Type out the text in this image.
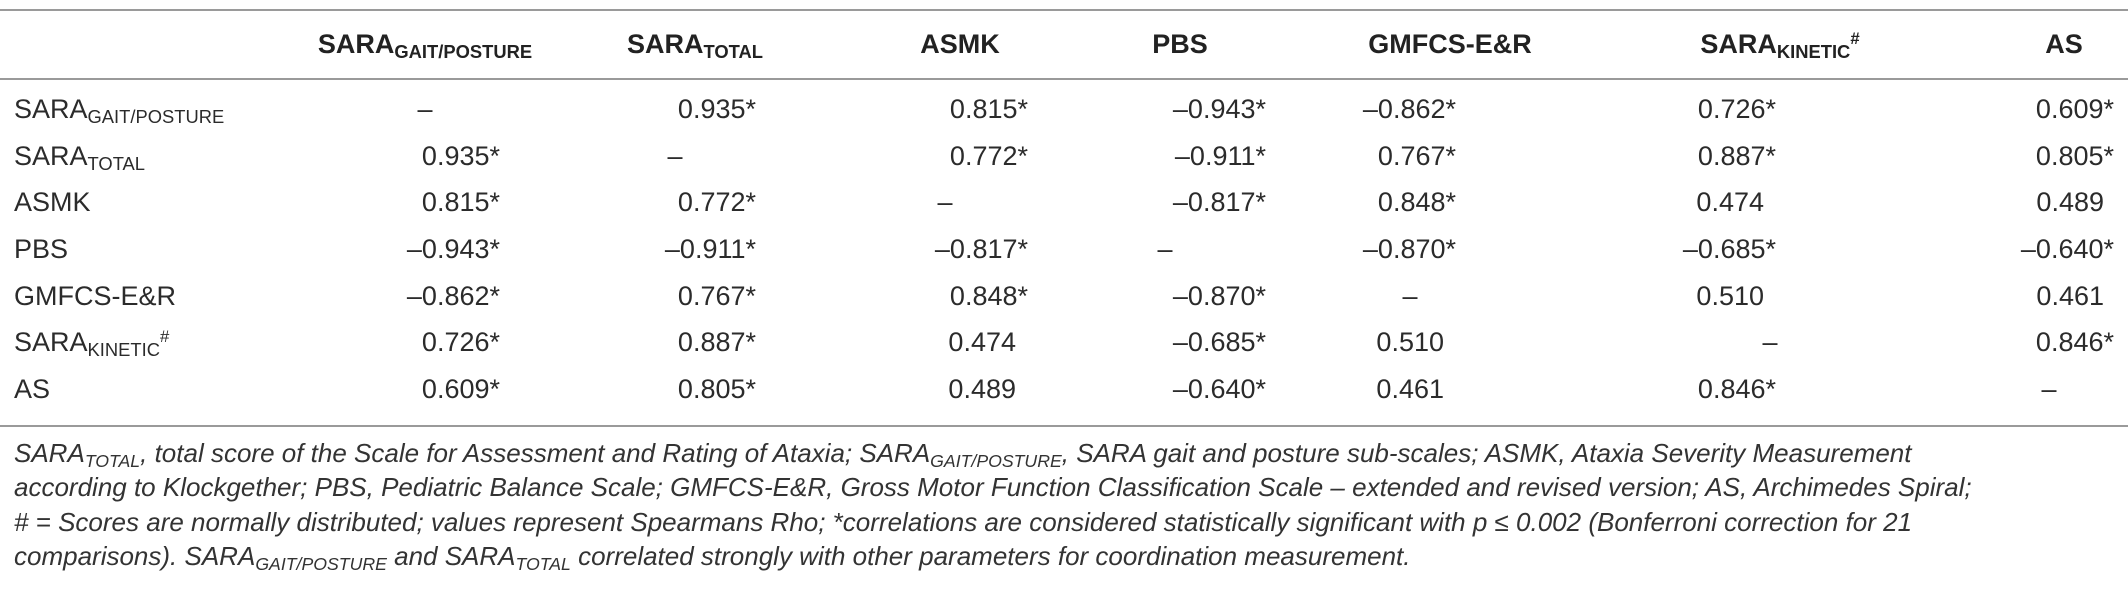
	$SARA_{GAIT/POSTURE}$	$SARA_{TOTAL}$	ASMK	PBS	GMFCS-E&R	$SARA_{KINETIC}^{\#}$	AS
$SARA_{GAIT/POSTURE}$	–	0.935*	0.815*	–0.943*	–0.862*	0.726*	0.609*
$SARA_{TOTAL}$	0.935*	–	0.772*	–0.911*	0.767*	0.887*	0.805*
ASMK	0.815*	0.772*	–	–0.817*	0.848*	0.474	0.489
PBS	–0.943*	–0.911*	–0.817*	–	–0.870*	–0.685*	–0.640*
GMFCS-E&R	–0.862*	0.767*	0.848*	–0.870*	–	0.510	0.461
$SARA_{KINETIC}^{\#}$	0.726*	0.887*	0.474	–0.685*	0.510	–	0.846*
AS	0.609*	0.805*	0.489	–0.640*	0.461	0.846*	–
$SARA_{TOTAL}$, total score of the Scale for Assessment and Rating of Ataxia; $SARA_{GAIT/POSTURE}$, SARA gait and posture sub-scales; ASMK, Ataxia Severity Measurement
according to Klockgether; PBS, Pediatric Balance Scale; GMFCS-E&R, Gross Motor Function Classification Scale – extended and revised version; AS, Archimedes Spiral;
# = Scores are normally distributed; values represent Spearmans Rho; *correlations are considered statistically significant with p ≤ 0.002 (Bonferroni correction for 21
comparisons). $SARA_{GAIT/POSTURE}$ and $SARA_{TOTAL}$ correlated strongly with other parameters for coordination measurement.
